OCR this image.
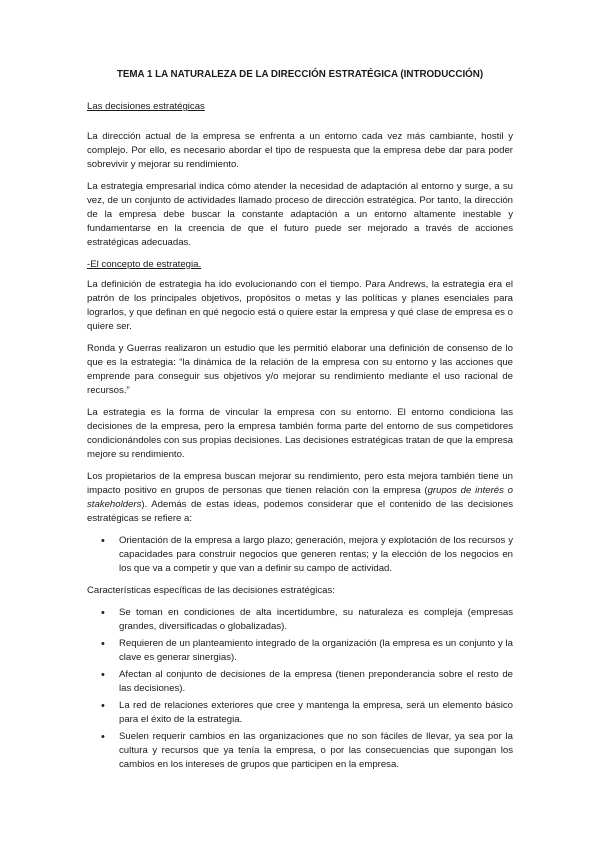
TEMA 1 LA NATURALEZA DE LA DIRECCIÓN ESTRATÉGICA (INTRODUCCIÓN)
Las decisiones estratégicas

La dirección actual de la empresa se enfrenta a un entorno cada vez más cambiante, hostil y complejo. Por ello, es necesario abordar el tipo de respuesta que la empresa debe dar para poder sobrevivir y mejorar su rendimiento.

La estrategia empresarial indica cómo atender la necesidad de adaptación al entorno y surge, a su vez, de un conjunto de actividades llamado proceso de dirección estratégica. Por tanto, la dirección de la empresa debe buscar la constante adaptación a un entorno altamente inestable y fundamentarse en la creencia de que el futuro puede ser mejorado a través de acciones estratégicas adecuadas.

-El concepto de estrategia.

La definición de estrategia ha ido evolucionando con el tiempo. Para Andrews, la estrategia era el patrón de los principales objetivos, propósitos o metas y las políticas y planes esenciales para lograrlos, y que definan en qué negocio está o quiere estar la empresa y qué clase de empresa es o quiere ser.

Ronda y Guerras realizaron un estudio que les permitió elaborar una definición de consenso de lo que es la estrategia: “la dinámica de la relación de la empresa con su entorno y las acciones que emprende para conseguir sus objetivos y/o mejorar su rendimiento mediante el uso racional de recursos.”

La estrategia es la forma de vincular la empresa con su entorno. El entorno condiciona las decisiones de la empresa, pero la empresa también forma parte del entorno de sus competidores condicionándoles con sus propias decisiones. Las decisiones estratégicas tratan de que la empresa mejore su rendimiento.

Los propietarios de la empresa buscan mejorar su rendimiento, pero esta mejora también tiene un impacto positivo en grupos de personas que tienen relación con la empresa (grupos de interés o stakeholders). Además de estas ideas, podemos considerar que el contenido de las decisiones estratégicas se refiere a:

• Orientación de la empresa a largo plazo; generación, mejora y explotación de los recursos y capacidades para construir negocios que generen rentas; y la elección de los negocios en los que va a competir y que van a definir su campo de actividad.

Características específicas de las decisiones estratégicas:

• Se toman en condiciones de alta incertidumbre, su naturaleza es compleja (empresas grandes, diversificadas o globalizadas).
• Requieren de un planteamiento integrado de la organización (la empresa es un conjunto y la clave es generar sinergias).
• Afectan al conjunto de decisiones de la empresa (tienen preponderancia sobre el resto de las decisiones).
• La red de relaciones exteriores que cree y mantenga la empresa, será un elemento básico para el éxito de la estrategia.
• Suelen requerir cambios en las organizaciones que no son fáciles de llevar, ya sea por la cultura y recursos que ya tenía la empresa, o por las consecuencias que supongan los cambios en los intereses de grupos que participen en la empresa.
